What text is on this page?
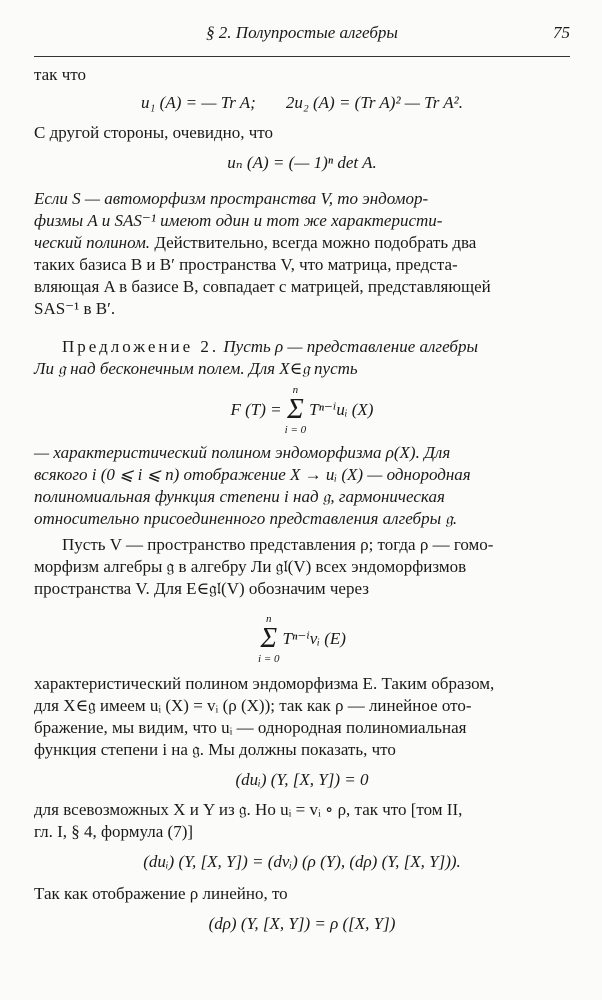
§ 2. Полупростые алгебры	75

так что

u₁ (A) = — Tr A; 2u₂ (A) = (Tr A)² — Tr A².

С другой стороны, очевидно, что

uₙ (A) = (— 1)ⁿ det A.

Если S — автоморфизм пространства V, то эндомор-

физмы A и SAS⁻¹ имеют один и тот же характеристи-

ческий полином. Действительно, всегда можно подобрать два

таких базиса B и B′ пространства V, что матрица, предста-

вляющая A в базисе B, совпадает с матрицей, представляющей

SAS⁻¹ в B′.

Предложение 2. Пусть ρ — представление алгебры

Ли 𝔤 над бесконечным полем. Для X∈𝔤 пусть

F (T) =
n
Σ
i = 0
Tⁿ⁻ⁱuᵢ (X)

— характеристический полином эндоморфизма ρ(X). Для

всякого i (0 ⩽ i ⩽ n) отображение X → uᵢ (X) — однородная

полиномиальная функция степени i над 𝔤, гармоническая

относительно присоединенного представления алгебры 𝔤.

Пусть V — пространство представления ρ; тогда ρ — гомо-

морфизм алгебры 𝔤 в алгебру Ли 𝔤𝔩(V) всех эндоморфизмов

пространства V. Для E∈𝔤𝔩(V) обозначим через

n
Σ
i = 0
Tⁿ⁻ⁱvᵢ (E)

характеристический полином эндоморфизма E. Таким образом,

для X∈𝔤 имеем uᵢ (X) = vᵢ (ρ (X)); так как ρ — линейное ото-

бражение, мы видим, что uᵢ — однородная полиномиальная

функция степени i на 𝔤. Мы должны показать, что

(duᵢ) (Y, [X, Y]) = 0

для всевозможных X и Y из 𝔤. Но uᵢ = vᵢ ∘ ρ, так что [том II,

гл. I, § 4, формула (7)]

(duᵢ) (Y, [X, Y]) = (dvᵢ) (ρ (Y), (dρ) (Y, [X, Y])).

Так как отображение ρ линейно, то

(dρ) (Y, [X, Y]) = ρ ([X, Y])
